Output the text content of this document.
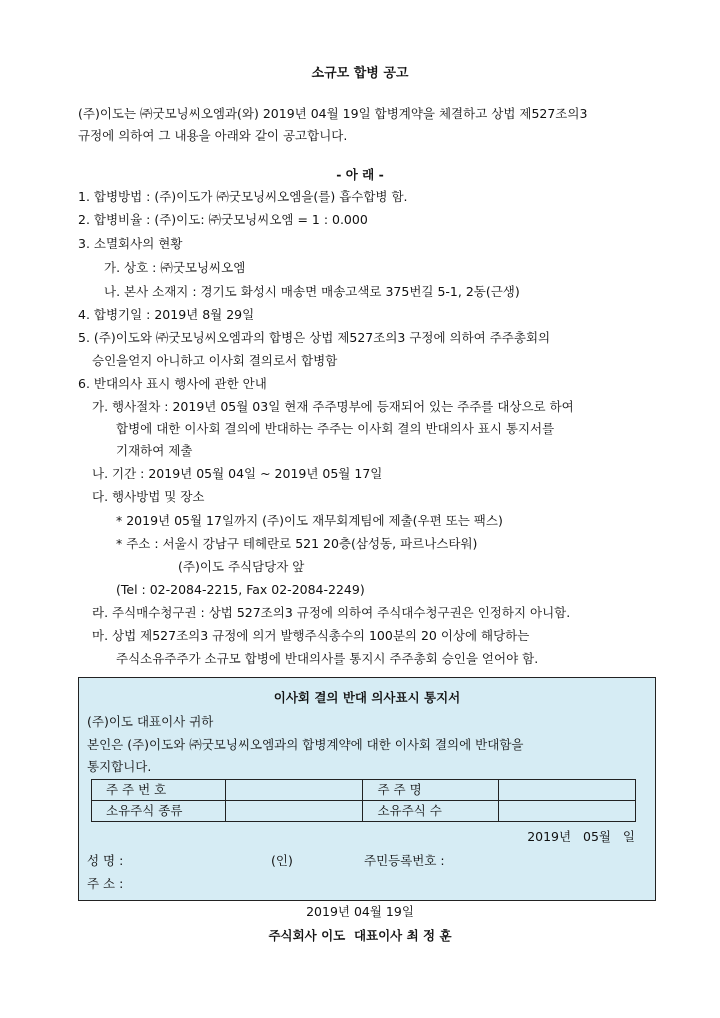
소규모 합병 공고
(주)이도는 ㈜굿모닝씨오엠과(와) 2019년 04월 19일 합병계약을 체결하고 상법 제527조의3
규정에 의하여 그 내용을 아래와 같이 공고합니다.
- 아 래 -
1. 합병방법 : (주)이도가 ㈜굿모닝씨오엠을(를) 흡수합병 함.
2. 합병비율 : (주)이도: ㈜굿모닝씨오엠 = 1 : 0.000
3. 소멸회사의 현황
가. 상호 : ㈜굿모닝씨오엠
나. 본사 소재지 : 경기도 화성시 매송면 매송고색로 375번길 5-1, 2동(근생)
4. 합병기일 : 2019년 8월 29일
5. (주)이도와 ㈜굿모닝씨오엠과의 합병은 상법 제527조의3 구정에 의하여 주주총회의
승인을얻지 아니하고 이사회 결의로서 합병함
6. 반대의사 표시 행사에 관한 안내
가. 행사절차 : 2019년 05월 03일 현재 주주명부에 등재되어 있는 주주를 대상으로 하여
합병에 대한 이사회 결의에 반대하는 주주는 이사회 결의 반대의사 표시 통지서를
기재하여 제출
나. 기간 : 2019년 05월 04일 ~ 2019년 05월 17일
다. 행사방법 및 장소
* 2019년 05월 17일까지 (주)이도 재무회계팀에 제출(우편 또는 팩스)
* 주소 : 서울시 강남구 테헤란로 521 20층(삼성동, 파르나스타워)
(주)이도 주식담당자 앞
(Tel : 02-2084-2215, Fax 02-2084-2249)
라. 주식매수청구권 : 상법 527조의3 규정에 의하여 주식대수청구권은 인정하지 아니함.
마. 상법 제527조의3 규정에 의거 발행주식총수의 100분의 20 이상에 해당하는
주식소유주주가 소규모 합병에 반대의사를 통지시 주주총회 승인을 얻어야 함.
이사회 결의 반대 의사표시 통지서
(주)이도 대표이사 귀하
본인은 (주)이도와 ㈜굿모닝씨오엠과의 합병계약에 대한 이사회 결의에 반대함을
통지합니다.
주 주 번 호		주 주 명	
소유주식 종류		소유주식 수	
2019년   05월   일
성 명 :	(인)	주민등록번호 :
주 소 :
2019년 04월 19일
주식회사 이도  대표이사 최 정 훈
